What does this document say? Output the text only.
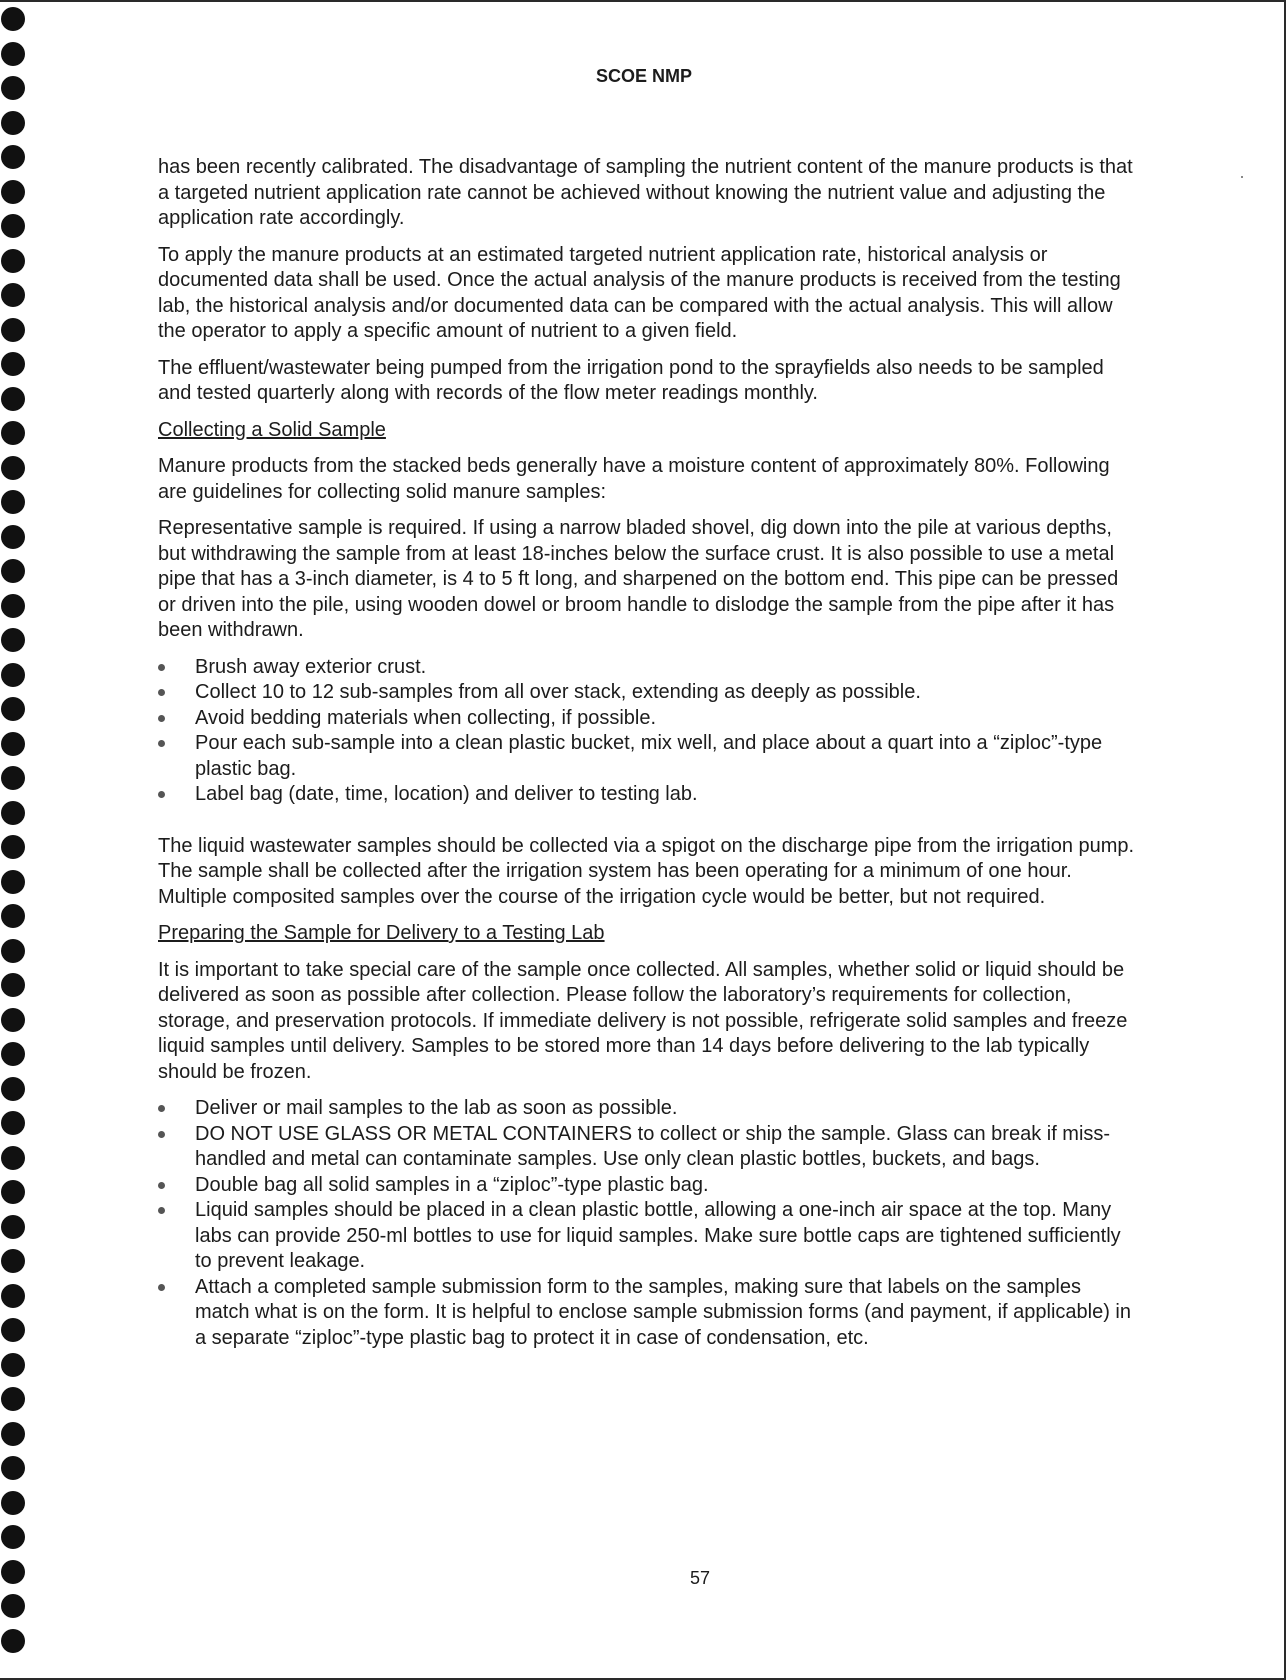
SCOE NMP

has been recently calibrated. The disadvantage of sampling the nutrient content of the manure products is that a targeted nutrient application rate cannot be achieved without knowing the nutrient value and adjusting the application rate accordingly.

To apply the manure products at an estimated targeted nutrient application rate, historical analysis or documented data shall be used. Once the actual analysis of the manure products is received from the testing lab, the historical analysis and/or documented data can be compared with the actual analysis. This will allow the operator to apply a specific amount of nutrient to a given field.

The effluent/wastewater being pumped from the irrigation pond to the sprayfields also needs to be sampled and tested quarterly along with records of the flow meter readings monthly.

Collecting a Solid Sample

Manure products from the stacked beds generally have a moisture content of approximately 80%. Following are guidelines for collecting solid manure samples:

Representative sample is required. If using a narrow bladed shovel, dig down into the pile at various depths, but withdrawing the sample from at least 18-inches below the surface crust. It is also possible to use a metal pipe that has a 3-inch diameter, is 4 to 5 ft long, and sharpened on the bottom end. This pipe can be pressed or driven into the pile, using wooden dowel or broom handle to dislodge the sample from the pipe after it has been withdrawn.

Brush away exterior crust.
Collect 10 to 12 sub-samples from all over stack, extending as deeply as possible.
Avoid bedding materials when collecting, if possible.
Pour each sub-sample into a clean plastic bucket, mix well, and place about a quart into a “ziploc”-type plastic bag.
Label bag (date, time, location) and deliver to testing lab.

The liquid wastewater samples should be collected via a spigot on the discharge pipe from the irrigation pump. The sample shall be collected after the irrigation system has been operating for a minimum of one hour. Multiple composited samples over the course of the irrigation cycle would be better, but not required.

Preparing the Sample for Delivery to a Testing Lab

It is important to take special care of the sample once collected. All samples, whether solid or liquid should be delivered as soon as possible after collection. Please follow the laboratory’s requirements for collection, storage, and preservation protocols. If immediate delivery is not possible, refrigerate solid samples and freeze liquid samples until delivery. Samples to be stored more than 14 days before delivering to the lab typically should be frozen.

Deliver or mail samples to the lab as soon as possible.
DO NOT USE GLASS OR METAL CONTAINERS to collect or ship the sample. Glass can break if miss-handled and metal can contaminate samples. Use only clean plastic bottles, buckets, and bags.
Double bag all solid samples in a “ziploc”-type plastic bag.
Liquid samples should be placed in a clean plastic bottle, allowing a one-inch air space at the top. Many labs can provide 250-ml bottles to use for liquid samples. Make sure bottle caps are tightened sufficiently to prevent leakage.
Attach a completed sample submission form to the samples, making sure that labels on the samples match what is on the form. It is helpful to enclose sample submission forms (and payment, if applicable) in a separate “ziploc”-type plastic bag to protect it in case of condensation, etc.
57
